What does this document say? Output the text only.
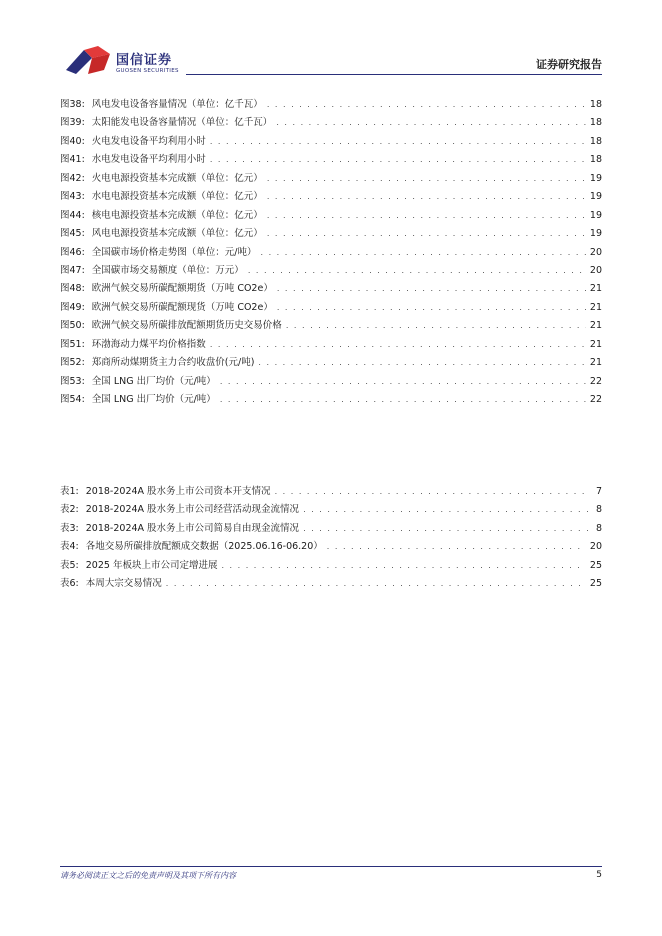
国信证券
GUOSEN SECURITIES	证券研究报告
图38: 风电发电设备容量情况（单位：亿千瓦） . . .	18
图39: 太阳能发电设备容量情况（单位：亿千瓦） . . .	18
图40: 火电发电设备平均利用小时 . . .	18
图41: 水电发电设备平均利用小时 . . .	18
图42: 火电电源投资基本完成额（单位：亿元） . . .	19
图43: 水电电源投资基本完成额（单位：亿元） . . .	19
图44: 核电电源投资基本完成额（单位：亿元） . . .	19
图45: 风电电源投资基本完成额（单位：亿元） . . .	19
图46: 全国碳市场价格走势图（单位：元/吨） . . .	20
图47: 全国碳市场交易额度（单位：万元） . . .	20
图48: 欧洲气候交易所碳配额期货（万吨 CO2e） . . .	21
图49: 欧洲气候交易所碳配额现货（万吨 CO2e） . . .	21
图50: 欧洲气候交易所碳排放配额期货历史交易价格 . . .	21
图51: 环渤海动力煤平均价格指数 . . .	21
图52: 郑商所动煤期货主力合约收盘价(元/吨) . . .	21
图53: 全国 LNG 出厂均价（元/吨） . . .	22
图54: 全国 LNG 出厂均价（元/吨） . . .	22
表1: 2018-2024A 股水务上市公司资本开支情况 . . .	7
表2: 2018-2024A 股水务上市公司经营活动现金流情况 . . .	8
表3: 2018-2024A 股水务上市公司简易自由现金流情况 . . .	8
表4: 各地交易所碳排放配额成交数据（2025.06.16-06.20） . . .	20
表5: 2025 年板块上市公司定增进展 . . .	25
表6: 本周大宗交易情况 . . .	25
请务必阅读正文之后的免责声明及其项下所有内容	5
